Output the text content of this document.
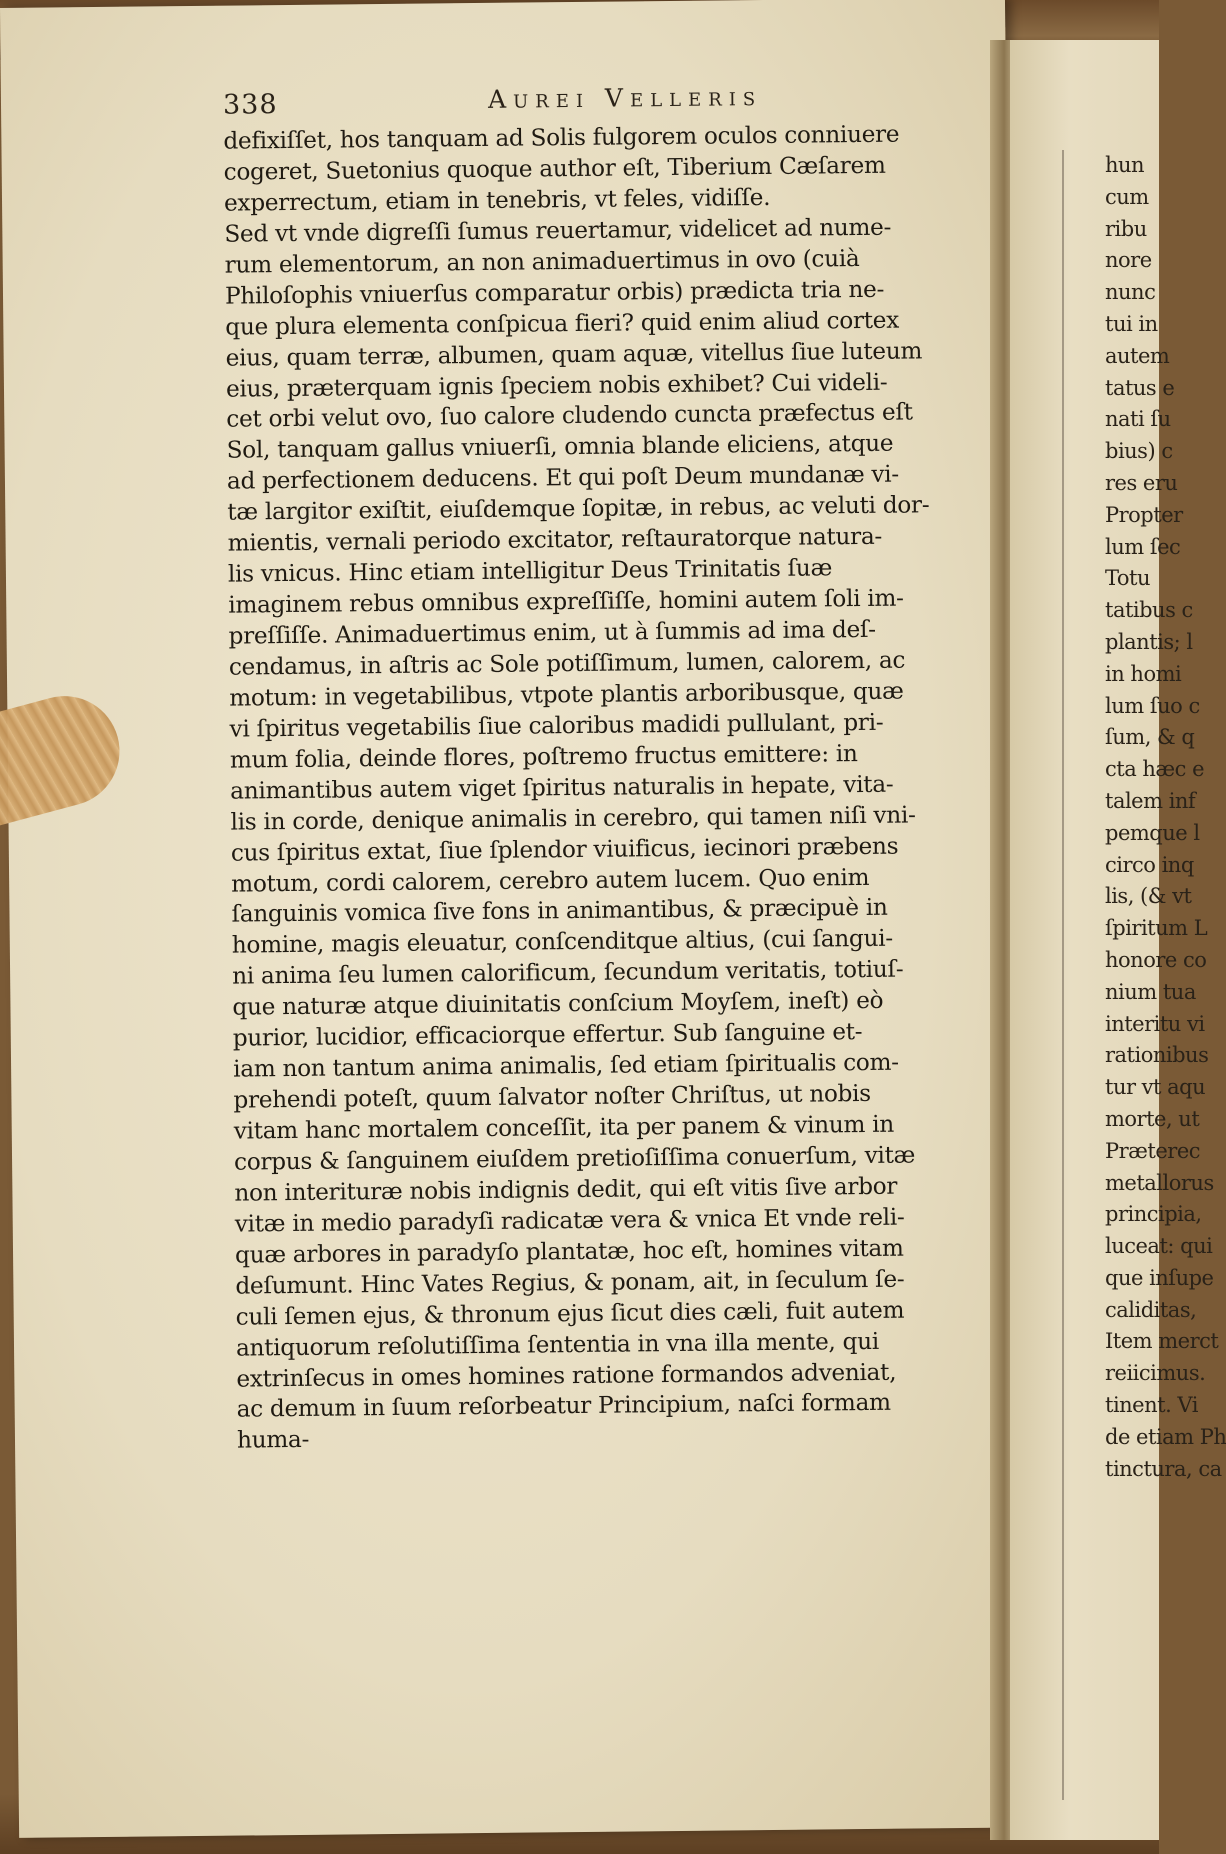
338	Aurei Velleris
defixiſſet, hos tanquam ad Solis fulgorem oculos conniuere
cogeret, Suetonius quoque author eſt, Tiberium Cæſarem
experrectum, etiam in tenebris, vt feles, vidiſſe.
Sed vt vnde digreſſi ſumus reuertamur, videlicet ad nume-
rum elementorum, an non animaduertimus in ovo (cuià
Philoſophis vniuerſus comparatur orbis) prædicta tria ne-
que plura elementa conſpicua fieri? quid enim aliud cortex
eius, quam terræ, albumen, quam aquæ, vitellus ſiue luteum
eius, præterquam ignis ſpeciem nobis exhibet? Cui videli-
cet orbi velut ovo, ſuo calore cludendo cuncta præfectus eſt
Sol, tanquam gallus vniuerſi, omnia blande eliciens, atque
ad perfectionem deducens. Et qui poſt Deum mundanæ vi-
tæ largitor exiſtit, eiuſdemque ſopitæ, in rebus, ac veluti dor-
mientis, vernali periodo excitator, reſtauratorque natura-
lis vnicus. Hinc etiam intelligitur Deus Trinitatis ſuæ
imaginem rebus omnibus expreſſiſſe, homini autem ſoli im-
preſſiſſe. Animaduertimus enim, ut à ſummis ad ima deſ-
cendamus, in aſtris ac Sole potiſſimum, lumen, calorem, ac
motum: in vegetabilibus, vtpote plantis arboribusque, quæ
vi ſpiritus vegetabilis ſiue caloribus madidi pullulant, pri-
mum folia, deinde flores, poſtremo fructus emittere: in
animantibus autem viget ſpiritus naturalis in hepate, vita-
lis in corde, denique animalis in cerebro, qui tamen niſi vni-
cus ſpiritus extat, ſiue ſplendor viuificus, iecinori præbens
motum, cordi calorem, cerebro autem lucem. Quo enim
ſanguinis vomica ſive fons in animantibus, & præcipuè in
homine, magis eleuatur, conſcenditque altius, (cui ſangui-
ni anima ſeu lumen calorificum, ſecundum veritatis, totiuſ-
que naturæ atque diuinitatis conſcium Moyſem, ineſt) eò
purior, lucidior, efficaciorque effertur. Sub ſanguine et-
iam non tantum anima animalis, ſed etiam ſpiritualis com-
prehendi poteſt, quum ſalvator noſter Chriſtus, ut nobis
vitam hanc mortalem conceſſit, ita per panem & vinum in
corpus & ſanguinem eiuſdem pretioſiſſima conuerſum, vitæ
non interituræ nobis indignis dedit, qui eſt vitis ſive arbor
vitæ in medio paradyſi radicatæ vera & vnica Et vnde reli-
quæ arbores in paradyſo plantatæ, hoc eſt, homines vitam
deſumunt. Hinc Vates Regius, & ponam, ait, in ſeculum ſe-
culi ſemen ejus, & thronum ejus ſicut dies cæli, fuit autem
antiquorum reſolutiſſima ſententia in vna illa mente, qui
extrinſecus in omes homines ratione formandos adveniat,
ac demum in ſuum reſorbeatur Principium, naſci formam
huma-
hun
cum
ribu
nore
nunc
tui in
autem
tatus e
nati ſu
bius) c
res eru
Propter
lum ſec
Totu
tatibus c
plantis; l
in homi
lum ſuo c
ſum, & q
cta hæc e
talem inf
pemque l
circo inq
lis, (& vt
ſpiritum L
honore co
nium tua
interitu vi
rationibus
tur vt aqu
morte, ut
Præterec
metallorus
principia,
luceat: qui
que inſupe
caliditas,
Item merct
reiicimus.
tinent. Vi
de etiam Ph
tinctura, ca
